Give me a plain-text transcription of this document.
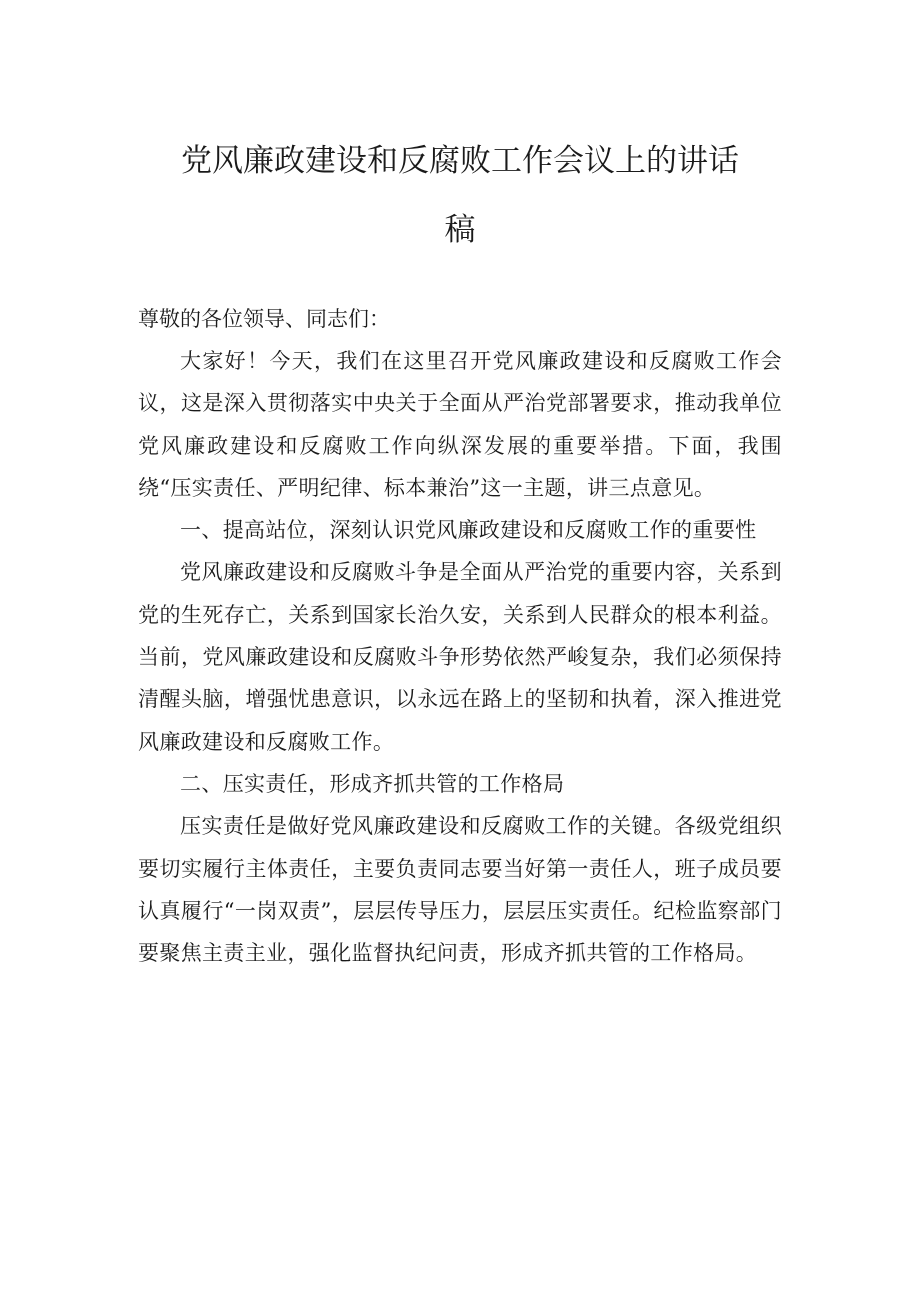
党风廉政建设和反腐败工作会议上的讲话
稿

尊敬的各位领导、同志们：

大家好！今天，我们在这里召开党风廉政建设和反腐败工作会议，这是深入贯彻落实中央关于全面从严治党部署要求，推动我单位党风廉政建设和反腐败工作向纵深发展的重要举措。下面，我围绕“压实责任、严明纪律、标本兼治”这一主题，讲三点意见。

一、提高站位，深刻认识党风廉政建设和反腐败工作的重要性

党风廉政建设和反腐败斗争是全面从严治党的重要内容，关系到党的生死存亡，关系到国家长治久安，关系到人民群众的根本利益。当前，党风廉政建设和反腐败斗争形势依然严峻复杂，我们必须保持清醒头脑，增强忧患意识，以永远在路上的坚韧和执着，深入推进党风廉政建设和反腐败工作。

二、压实责任，形成齐抓共管的工作格局

压实责任是做好党风廉政建设和反腐败工作的关键。各级党组织要切实履行主体责任，主要负责同志要当好第一责任人，班子成员要认真履行“一岗双责”，层层传导压力，层层压实责任。纪检监察部门要聚焦主责主业，强化监督执纪问责，形成齐抓共管的工作格局。
